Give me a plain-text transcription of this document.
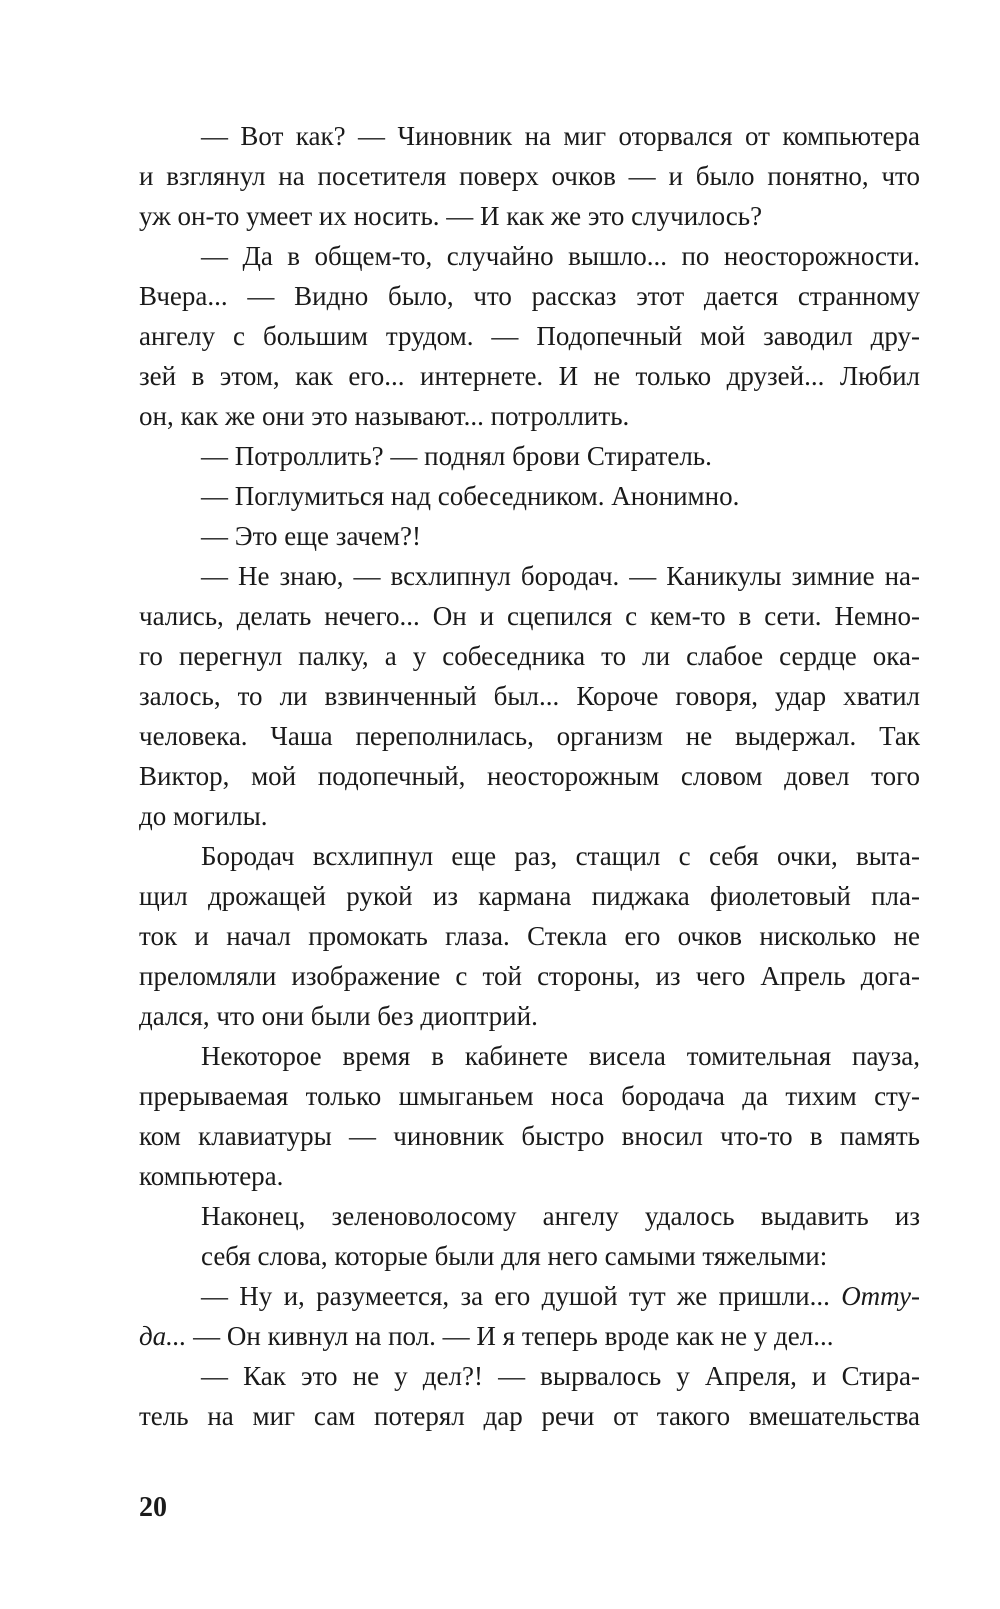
— Вот как? — Чиновник на миг оторвался от компьютера
и взглянул на посетителя поверх очков — и было понятно, что
уж он-то умеет их носить. — И как же это случилось?
— Да в общем-то, случайно вышло... по неосторожности.
Вчера... — Видно было, что рассказ этот дается странному
ангелу с большим трудом. — Подопечный мой заводил дру-
зей в этом, как его... интернете. И не только друзей... Любил
он, как же они это называют... потроллить.
— Потроллить? — поднял брови Стиратель.
— Поглумиться над собеседником. Анонимно.
— Это еще зачем?!
— Не знаю, — всхлипнул бородач. — Каникулы зимние на-
чались, делать нечего... Он и сцепился с кем-то в сети. Немно-
го перегнул палку, а у собеседника то ли слабое сердце ока-
залось, то ли взвинченный был... Короче говоря, удар хватил
человека. Чаша переполнилась, организм не выдержал. Так
Виктор, мой подопечный, неосторожным словом довел того
до могилы.
Бородач всхлипнул еще раз, стащил с себя очки, выта-
щил дрожащей рукой из кармана пиджака фиолетовый пла-
ток и начал промокать глаза. Стекла его очков нисколько не
преломляли изображение с той стороны, из чего Апрель дога-
дался, что они были без диоптрий.
Некоторое время в кабинете висела томительная пауза,
прерываемая только шмыганьем носа бородача да тихим сту-
ком клавиатуры — чиновник быстро вносил что-то в память
компьютера.
Наконец, зеленоволосому ангелу удалось выдавить из
себя слова, которые были для него самыми тяжелыми:
— Ну и, разумеется, за его душой тут же пришли... Отту-
да... — Он кивнул на пол. — И я теперь вроде как не у дел...
— Как это не у дел?! — вырвалось у Апреля, и Стира-
тель на миг сам потерял дар речи от такого вмешательства
20
